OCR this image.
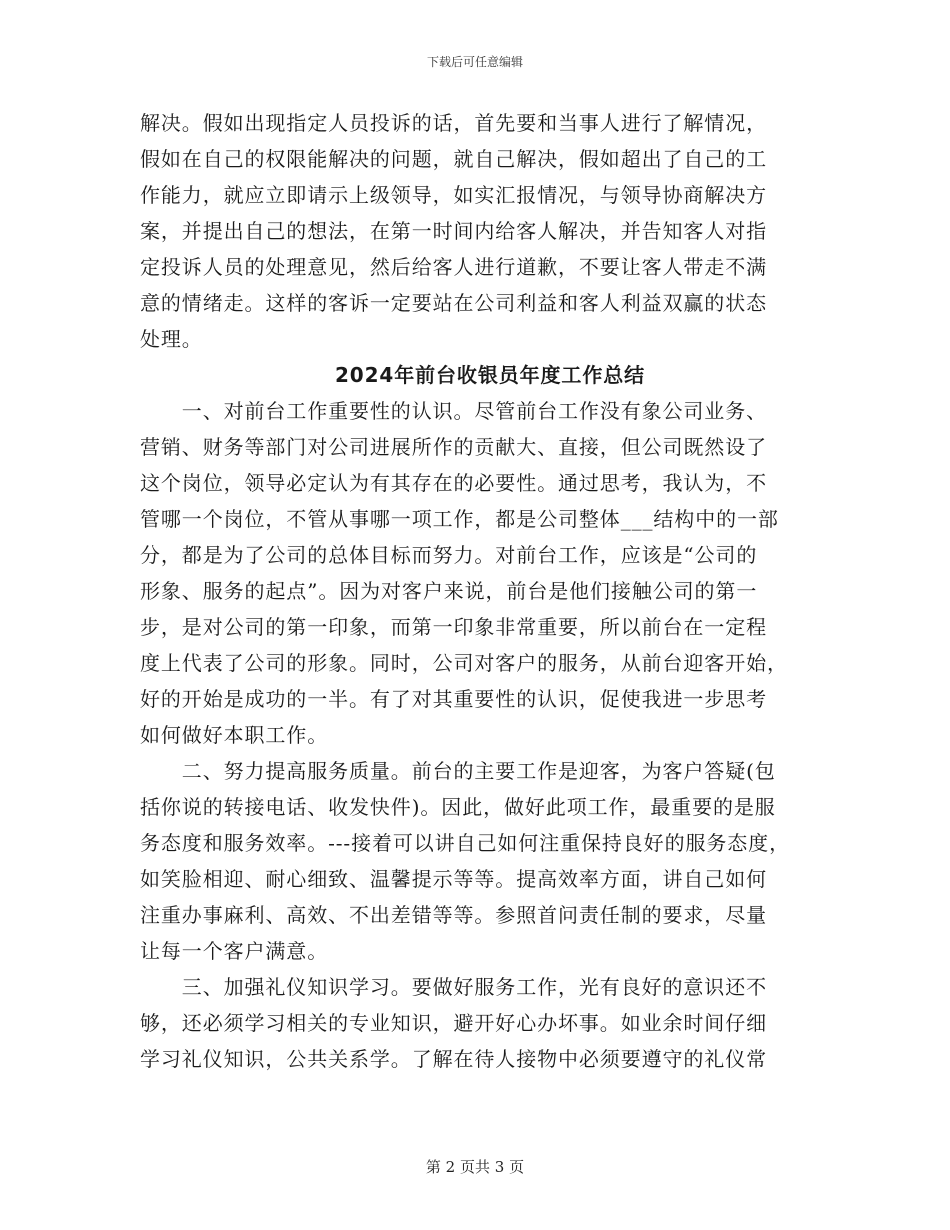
下载后可任意编辑
解决。假如出现指定人员投诉的话，首先要和当事人进行了解情况，
假如在自己的权限能解决的问题，就自己解决，假如超出了自己的工
作能力，就应立即请示上级领导，如实汇报情况，与领导协商解决方
案，并提出自己的想法，在第一时间内给客人解决，并告知客人对指
定投诉人员的处理意见，然后给客人进行道歉，不要让客人带走不满
意的情绪走。这样的客诉一定要站在公司利益和客人利益双赢的状态
处理。
2024年前台收银员年度工作总结
　　一、对前台工作重要性的认识。尽管前台工作没有象公司业务、
营销、财务等部门对公司进展所作的贡献大、直接，但公司既然设了
这个岗位，领导必定认为有其存在的必要性。通过思考，我认为，不
管哪一个岗位，不管从事哪一项工作，都是公司整体___结构中的一部
分，都是为了公司的总体目标而努力。对前台工作，应该是“公司的
形象、服务的起点”。因为对客户来说，前台是他们接触公司的第一
步，是对公司的第一印象，而第一印象非常重要，所以前台在一定程
度上代表了公司的形象。同时，公司对客户的服务，从前台迎客开始，
好的开始是成功的一半。有了对其重要性的认识，促使我进一步思考
如何做好本职工作。
　　二、努力提高服务质量。前台的主要工作是迎客，为客户答疑(包
括你说的转接电话、收发快件)。因此，做好此项工作，最重要的是服
务态度和服务效率。---接着可以讲自己如何注重保持良好的服务态度，
如笑脸相迎、耐心细致、温馨提示等等。提高效率方面，讲自己如何
注重办事麻利、高效、不出差错等等。参照首问责任制的要求，尽量
让每一个客户满意。
　　三、加强礼仪知识学习。要做好服务工作，光有良好的意识还不
够，还必须学习相关的专业知识，避开好心办坏事。如业余时间仔细
学习礼仪知识，公共关系学。了解在待人接物中必须要遵守的礼仪常
第 2 页共 3 页
